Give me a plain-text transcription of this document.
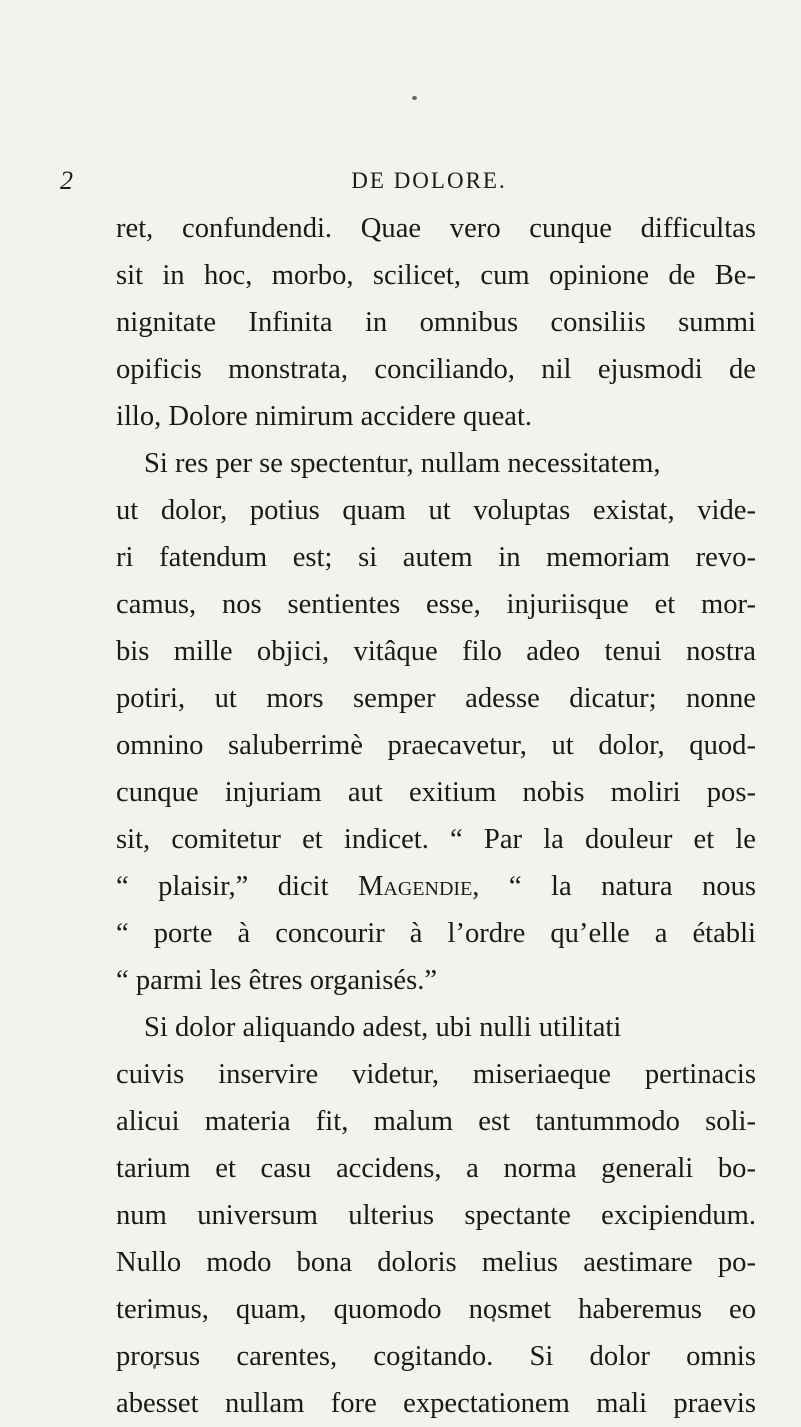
2	DE DOLORE.
ret, confundendi. Quae vero cunque difficultas
sit in hoc, morbo, scilicet, cum opinione de Be-
nignitate Infinita in omnibus consiliis summi
opificis monstrata, conciliando, nil ejusmodi de
illo, Dolore nimirum accidere queat.
Si res per se spectentur, nullam necessitatem,
ut dolor, potius quam ut voluptas existat, vide-
ri fatendum est; si autem in memoriam revo-
camus, nos sentientes esse, injuriisque et mor-
bis mille objici, vitâque filo adeo tenui nostra
potiri, ut mors semper adesse dicatur; nonne
omnino saluberrimè praecavetur, ut dolor, quod-
cunque injuriam aut exitium nobis moliri pos-
sit, comitetur et indicet. “ Par la douleur et le
“ plaisir,” dicit Magendie, “ la natura nous
“ porte à concourir à l’ordre qu’elle a établi
“ parmi les êtres organisés.”
Si dolor aliquando adest, ubi nulli utilitati
cuivis inservire videtur, miseriaeque pertinacis
alicui materia fit, malum est tantummodo soli-
tarium et casu accidens, a norma generali bo-
num universum ulterius spectante excipiendum.
Nullo modo bona doloris melius aestimare po-
terimus, quam, quomodo nosmet haberemus eo
prorsus carentes, cogitando. Si dolor omnis
abesset nullam fore expectationem mali praevis
